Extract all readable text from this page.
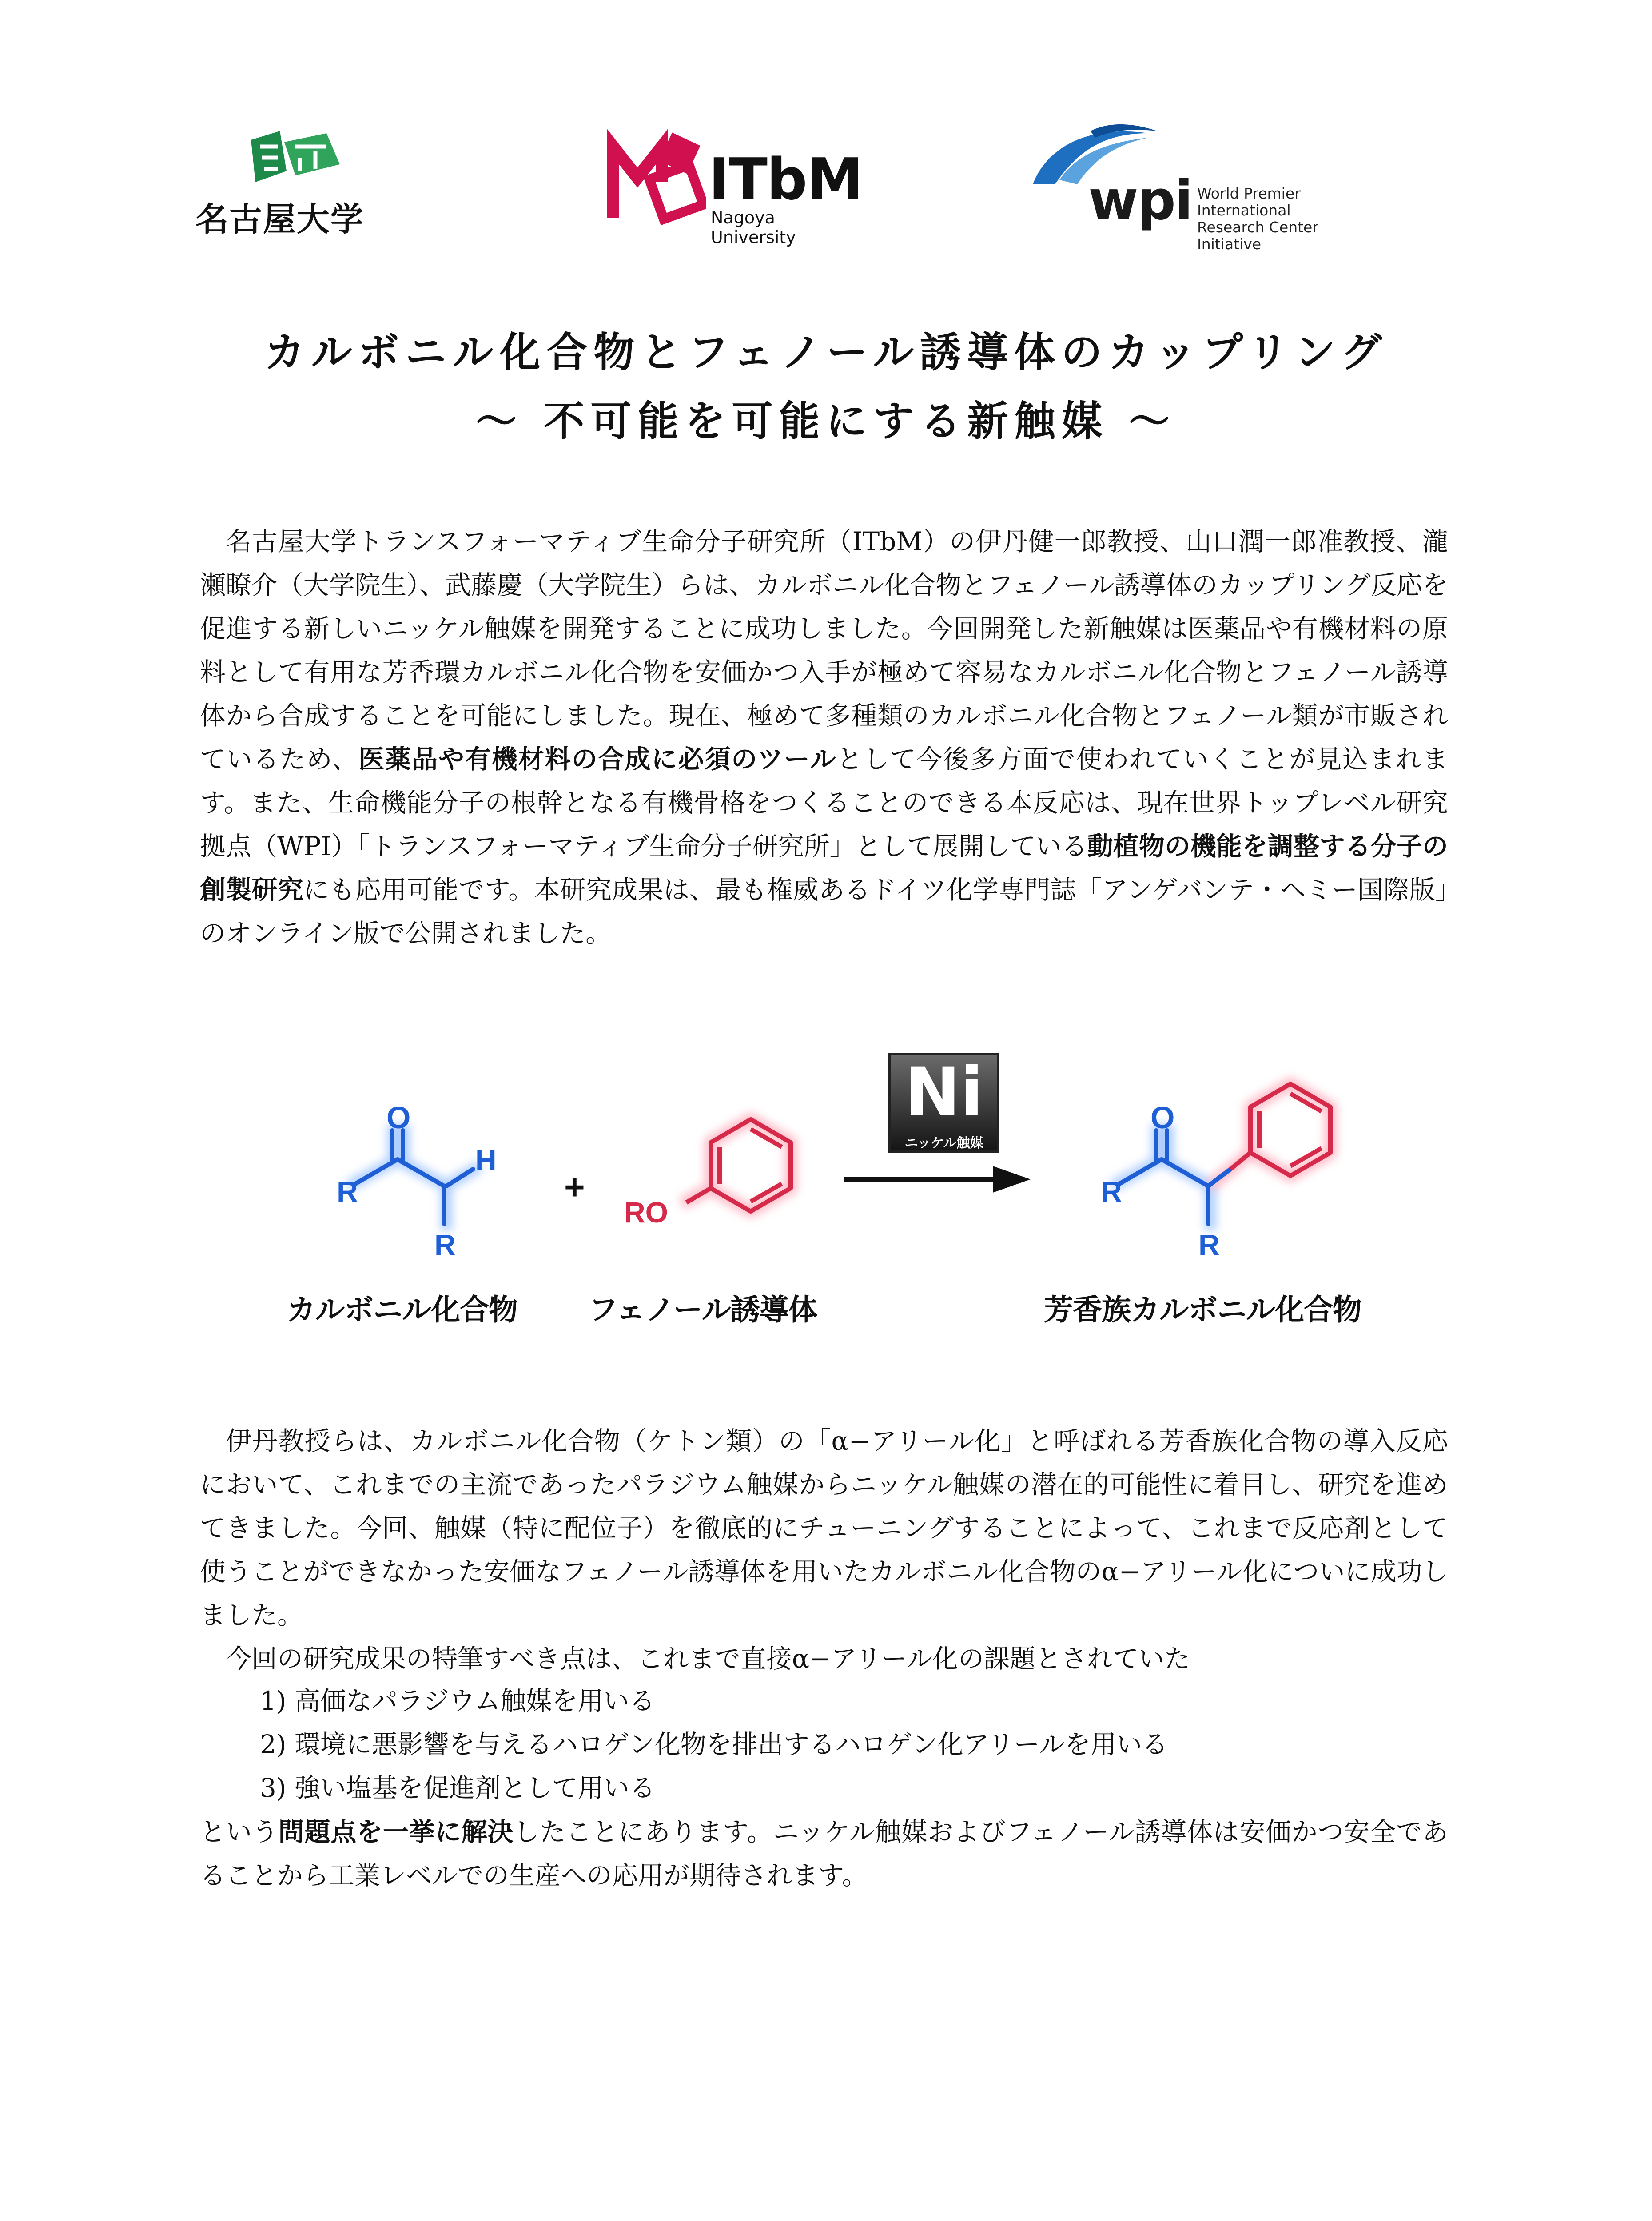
名古屋大学
ITbM
Nagoya University
wpi World Premier International
Research Center Initiative
カルボニル化合物とフェノール誘導体のカップリング
～ 不可能を可能にする新触媒 ～

名古屋大学トランスフォーマティブ生命分子研究所（ITbM）の伊丹健一郎教授、山口潤一郎准教授、瀧瀬瞭介（大学院生）、武藤慶（大学院生）らは、カルボニル化合物とフェノール誘導体のカップリング反応を促進する新しいニッケル触媒を開発することに成功しました。今回開発した新触媒は医薬品や有機材料の原料として有用な芳香環カルボニル化合物を安価かつ入手が極めて容易なカルボニル化合物とフェノール誘導体から合成することを可能にしました。現在、極めて多種類のカルボニル化合物とフェノール類が市販されているため、医薬品や有機材料の合成に必須のツールとして今後多方面で使われていくことが見込まれます。また、生命機能分子の根幹となる有機骨格をつくることのできる本反応は、現在世界トップレベル研究拠点（WPI）「トランスフォーマティブ生命分子研究所」として展開している動植物の機能を調整する分子の創製研究にも応用可能です。本研究成果は、最も権威あるドイツ化学専門誌「アンゲバンテ・ヘミー国際版」のオンライン版で公開されました。

O
H
R
R
+
RO
O
R
R
Ni
ニッケル触媒
カルボニル化合物 フェノール誘導体	芳香族カルボニル化合物

伊丹教授らは、カルボニル化合物（ケトン類）の「α−アリール化」と呼ばれる芳香族化合物の導入反応において、これまでの主流であったパラジウム触媒からニッケル触媒の潜在的可能性に着目し、研究を進めてきました。今回、触媒（特に配位子）を徹底的にチューニングすることによって、これまで反応剤として使うことができなかった安価なフェノール誘導体を用いたカルボニル化合物のα−アリール化についに成功しました。

今回の研究成果の特筆すべき点は、これまで直接α−アリール化の課題とされていた

1) 高価なパラジウム触媒を用いる
2) 環境に悪影響を与えるハロゲン化物を排出するハロゲン化アリールを用いる
3) 強い塩基を促進剤として用いる

という問題点を一挙に解決したことにあります。ニッケル触媒およびフェノール誘導体は安価かつ安全であることから工業レベルでの生産への応用が期待されます。
